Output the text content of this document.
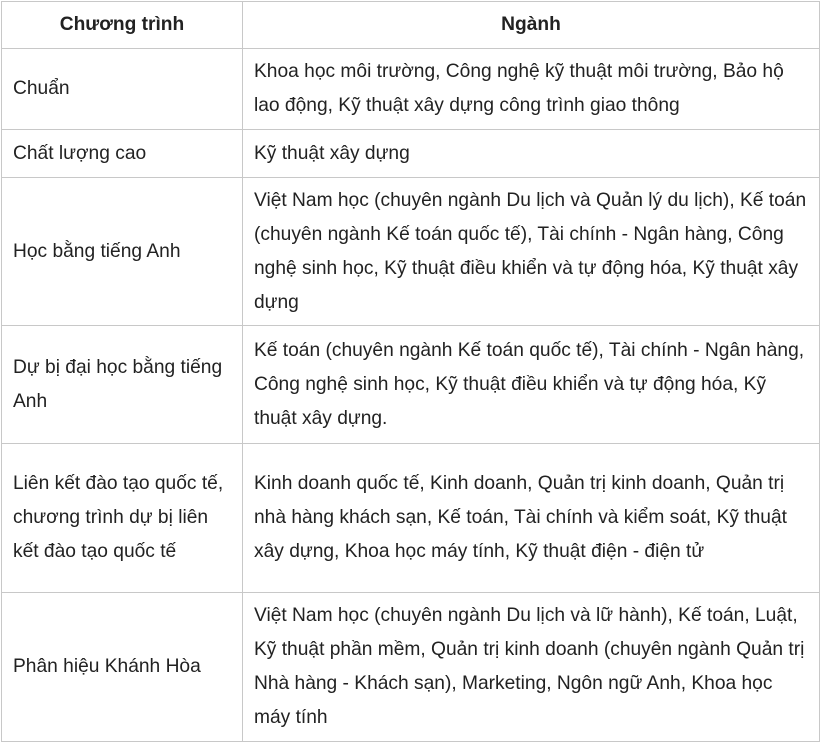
Chương trình	Ngành
Chuẩn	Khoa học môi trường, Công nghệ kỹ thuật môi trường, Bảo hộ lao động, Kỹ thuật xây dựng công trình giao thông
Chất lượng cao	Kỹ thuật xây dựng
Học bằng tiếng Anh	Việt Nam học (chuyên ngành Du lịch và Quản lý du lịch), Kế toán (chuyên ngành Kế toán quốc tế), Tài chính - Ngân hàng, Công nghệ sinh học, Kỹ thuật điều khiển và tự động hóa, Kỹ thuật xây dựng
Dự bị đại học bằng tiếng Anh	Kế toán (chuyên ngành Kế toán quốc tế), Tài chính - Ngân hàng, Công nghệ sinh học, Kỹ thuật điều khiển và tự động hóa, Kỹ thuật xây dựng.
Liên kết đào tạo quốc tế, chương trình dự bị liên kết đào tạo quốc tế	Kinh doanh quốc tế, Kinh doanh, Quản trị kinh doanh, Quản trị nhà hàng khách sạn, Kế toán, Tài chính và kiểm soát, Kỹ thuật xây dựng, Khoa học máy tính, Kỹ thuật điện - điện tử
Phân hiệu Khánh Hòa	Việt Nam học (chuyên ngành Du lịch và lữ hành), Kế toán, Luật, Kỹ thuật phần mềm, Quản trị kinh doanh (chuyên ngành Quản trị Nhà hàng - Khách sạn), Marketing, Ngôn ngữ Anh, Khoa học máy tính
